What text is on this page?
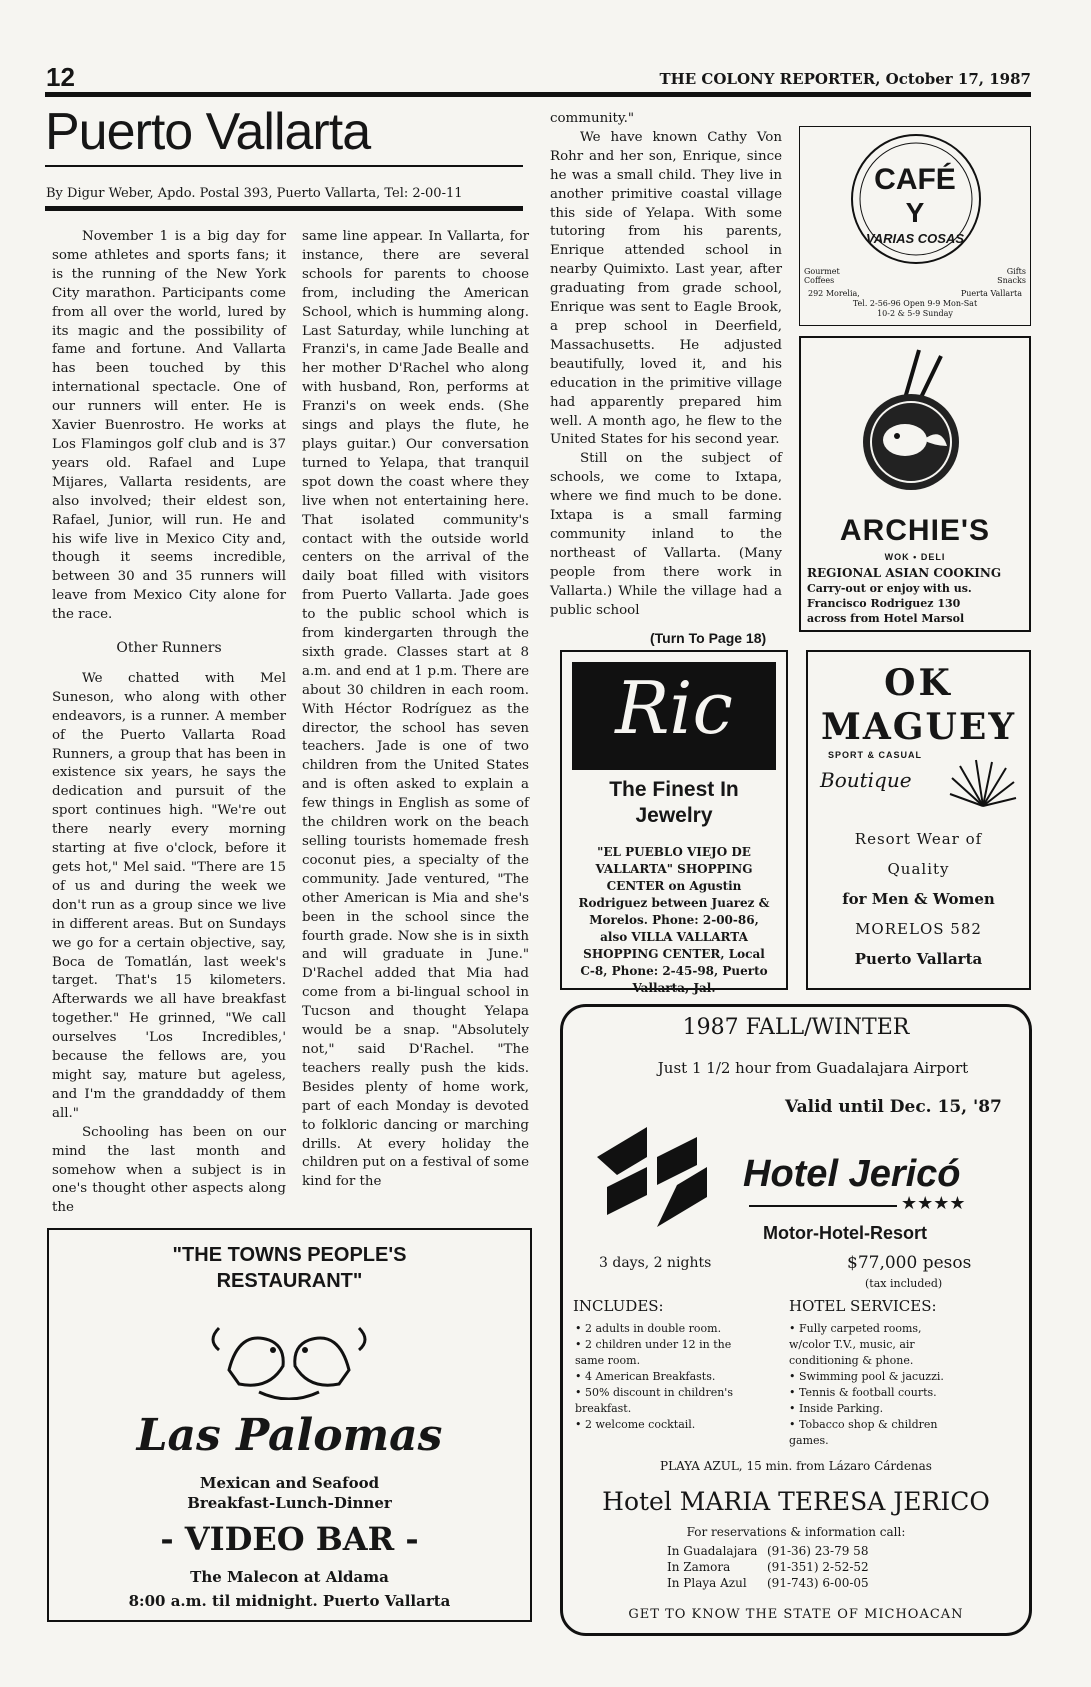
12	THE COLONY REPORTER, October 17, 1987
Puerto Vallarta
By Digur Weber, Apdo. Postal 393, Puerto Vallarta, Tel: 2-00-11

November 1 is a big day for some athletes and sports fans; it is the running of the New York City marathon. Participants come from all over the world, lured by its magic and the possibility of fame and fortune. And Vallarta has been touched by this international spectacle. One of our runners will enter. He is Xavier Buenrostro. He works at Los Flamingos golf club and is 37 years old. Rafael and Lupe Mijares, Vallarta residents, are also involved; their eldest son, Rafael, Junior, will run. He and his wife live in Mexico City and, though it seems incredible, between 30 and 35 runners will leave from Mexico City alone for the race.

Other Runners

We chatted with Mel Suneson, who along with other endeavors, is a runner. A member of the Puerto Vallarta Road Runners, a group that has been in existence six years, he says the dedication and pursuit of the sport continues high. "We're out there nearly every morning starting at five o'clock, before it gets hot," Mel said. "There are 15 of us and during the week we don't run as a group since we live in different areas. But on Sundays we go for a certain objective, say, Boca de Tomatlán, last week's target. That's 15 kilometers. Afterwards we all have breakfast together." He grinned, "We call ourselves 'Los Incredibles,' because the fellows are, you might say, mature but ageless, and I'm the granddaddy of them all."

Schooling has been on our mind the last month and somehow when a subject is in one's thought other aspects along the

same line appear. In Vallarta, for instance, there are several schools for parents to choose from, including the American School, which is humming along. Last Saturday, while lunching at Franzi's, in came Jade Bealle and her mother D'Rachel who along with husband, Ron, performs at Franzi's on week ends. (She sings and plays the flute, he plays guitar.) Our conversation turned to Yelapa, that tranquil spot down the coast where they live when not entertaining here. That isolated community's contact with the outside world centers on the arrival of the daily boat filled with visitors from Puerto Vallarta. Jade goes to the public school which is from kindergarten through the sixth grade. Classes start at 8 a.m. and end at 1 p.m. There are about 30 children in each room. With Héctor Rodríguez as the director, the school has seven teachers. Jade is one of two children from the United States and is often asked to explain a few things in English as some of the children work on the beach selling tourists homemade fresh coconut pies, a specialty of the community. Jade ventured, "The other American is Mia and she's been in the school since the fourth grade. Now she is in sixth and will graduate in June." D'Rachel added that Mia had come from a bi-lingual school in Tucson and thought Yelapa would be a snap. "Absolutely not," said D'Rachel. "The teachers really push the kids. Besides plenty of home work, part of each Monday is devoted to folkloric dancing or marching drills. At every holiday the children put on a festival of some kind for the

community."

We have known Cathy Von Rohr and her son, Enrique, since he was a small child. They live in another primitive coastal village this side of Yelapa. With some tutoring from his parents, Enrique attended school in nearby Quimixto. Last year, after graduating from grade school, Enrique was sent to Eagle Brook, a prep school in Deerfield, Massachusetts. He adjusted beautifully, loved it, and his education in the primitive village had apparently prepared him well. A month ago, he flew to the United States for his second year.

Still on the subject of schools, we come to Ixtapa, where we find much to be done. Ixtapa is a small farming community inland to the northeast of Vallarta. (Many people from there work in Vallarta.) While the village had a public school

(Turn To Page 18)
CAFÉ
Y
VARIAS COSAS
Gourmet Coffees
Gifts Snacks
292 Morelia,	Puerta Vallarta
Tel. 2-56-96 Open 9-9 Mon-Sat
10-2 & 5-9 Sunday
ARCHIE'S
WOK • DELI
REGIONAL ASIAN COOKING
Carry-out or enjoy with us.
Francisco Rodriguez 130
across from Hotel Marsol
Ric
The Finest In
Jewelry
"EL PUEBLO VIEJO DE VALLARTA" SHOPPING CENTER on Agustin Rodriguez between Juarez & Morelos. Phone: 2-00-86, also VILLA VALLARTA SHOPPING CENTER, Local C-8, Phone: 2-45-98, Puerto Vallarta, Jal.
OK
MAGUEY
SPORT & CASUAL
Boutique
Resort Wear of
Quality
for Men & Women
MORELOS 582
Puerto Vallarta
1987 FALL/WINTER
Just 1 1/2 hour from Guadalajara Airport
Valid until Dec. 15, '87
Hotel Jericó
★★★★
Motor-Hotel-Resort
3 days, 2 nights	$77,000 pesos
(tax included)
INCLUDES:
• 2 adults in double room.
• 2 children under 12 in the same room.
• 4 American Breakfasts.
• 50% discount in children's breakfast.
• 2 welcome cocktail.
HOTEL SERVICES:
• Fully carpeted rooms, w/color T.V., music, air conditioning & phone.
• Swimming pool & jacuzzi.
• Tennis & football courts.
• Inside Parking.
• Tobacco shop & children games.
PLAYA AZUL, 15 min. from Lázaro Cárdenas
Hotel MARIA TERESA JERICO
For reservations & information call:
In Guadalajara (91-36) 23-79 58
In Zamora	(91-351) 2-52-52
In Playa Azul (91-743) 6-00-05
GET TO KNOW THE STATE OF MICHOACAN
"THE TOWNS PEOPLE'S
RESTAURANT"
Las Palomas
Mexican and Seafood
Breakfast-Lunch-Dinner
- VIDEO BAR -
The Malecon at Aldama
8:00 a.m. til midnight. Puerto Vallarta
